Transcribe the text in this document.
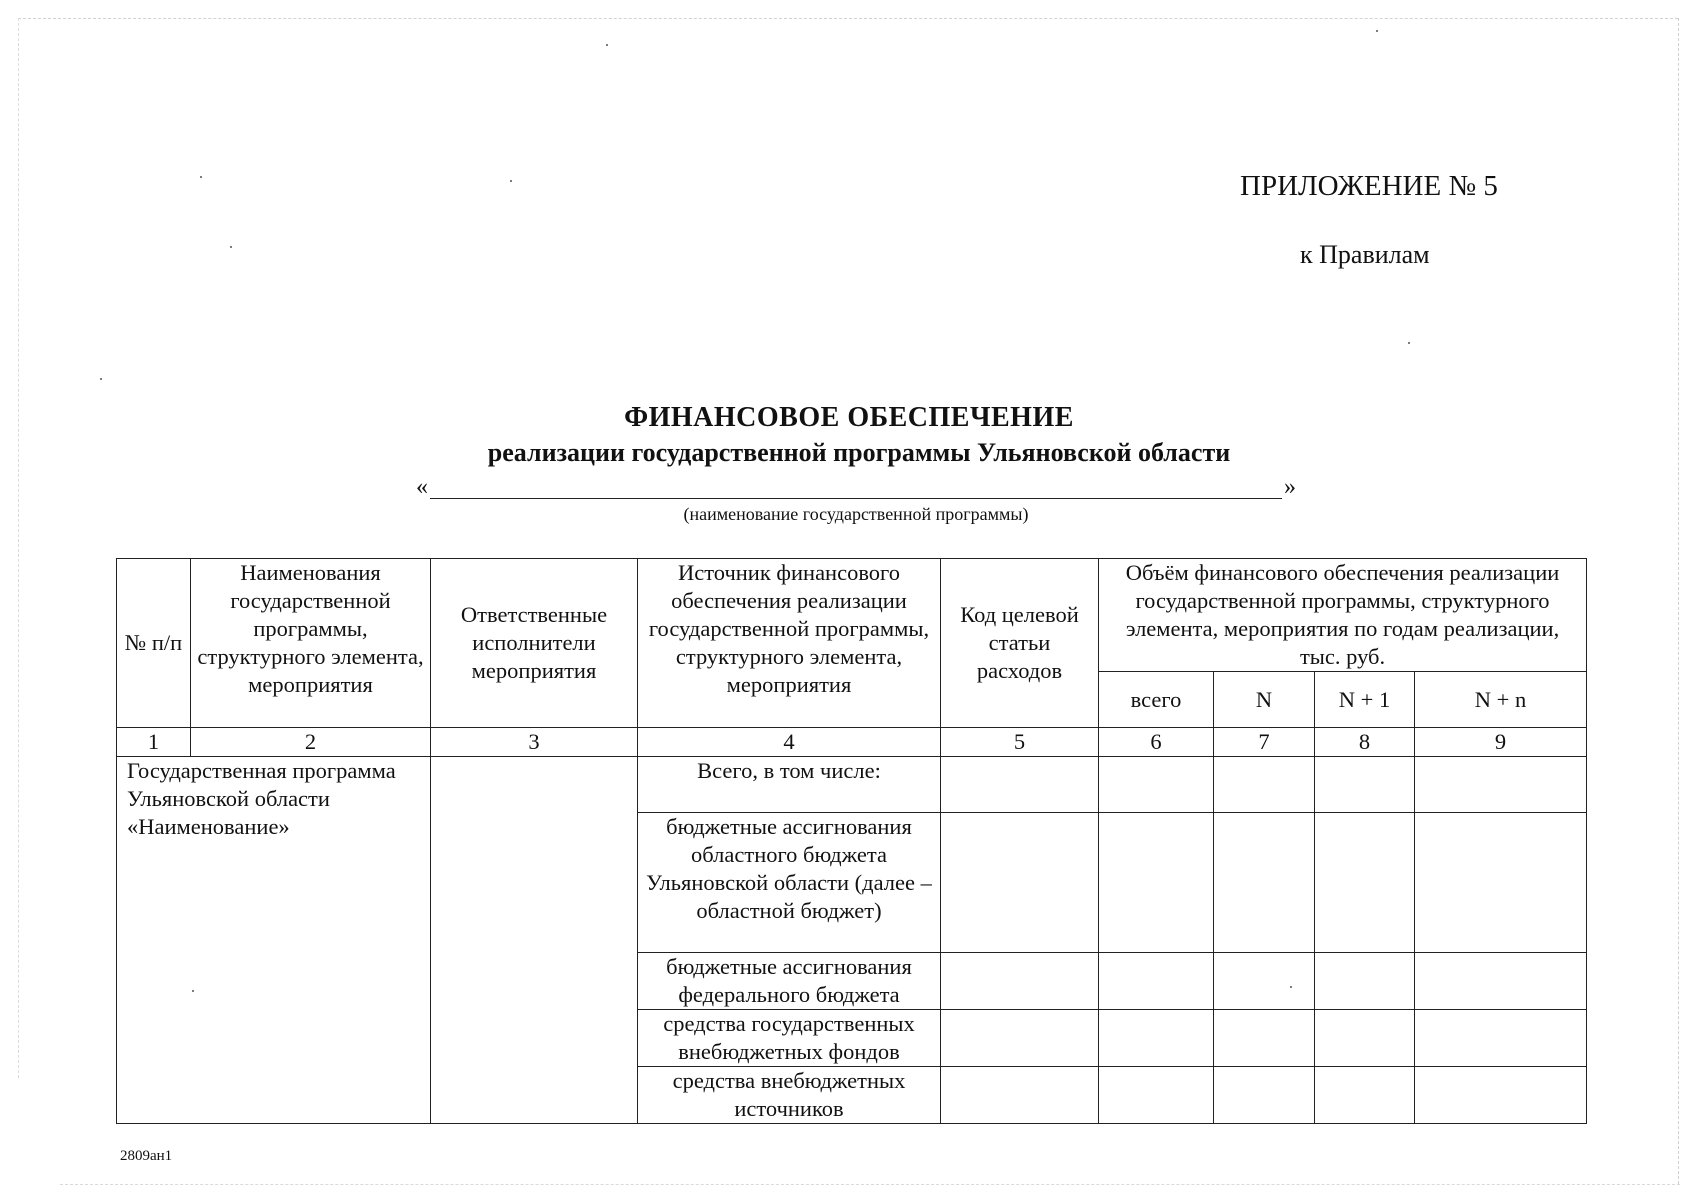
ПРИЛОЖЕНИЕ № 5
к Правилам
ФИНАНСОВОЕ ОБЕСПЕЧЕНИЕ
реализации государственной программы Ульяновской области
«	»
(наименование государственной программы)
№ п/п	Наименования государственной программы, структурного элемента, мероприятия	Ответственные исполнители мероприятия	Источник финансового обеспечения реализации государственной программы, структурного элемента, мероприятия	Код целевой статьи расходов	Объём финансового обеспечения реализации государственной программы, структурного элемента, мероприятия по годам реализации, тыс. руб.			
					всего	N	N + 1	N + n
1	2	3	4	5	6	7	8	9
Государственная программа Ульяновской области «Наименование»			Всего, в том числе:					
			бюджетные ассигнования областного бюджета Ульяновской области (далее – областной бюджет)					
			бюджетные ассигнования федерального бюджета					
			средства государственных внебюджетных фондов					
			средства внебюджетных источников					
2809ан1
